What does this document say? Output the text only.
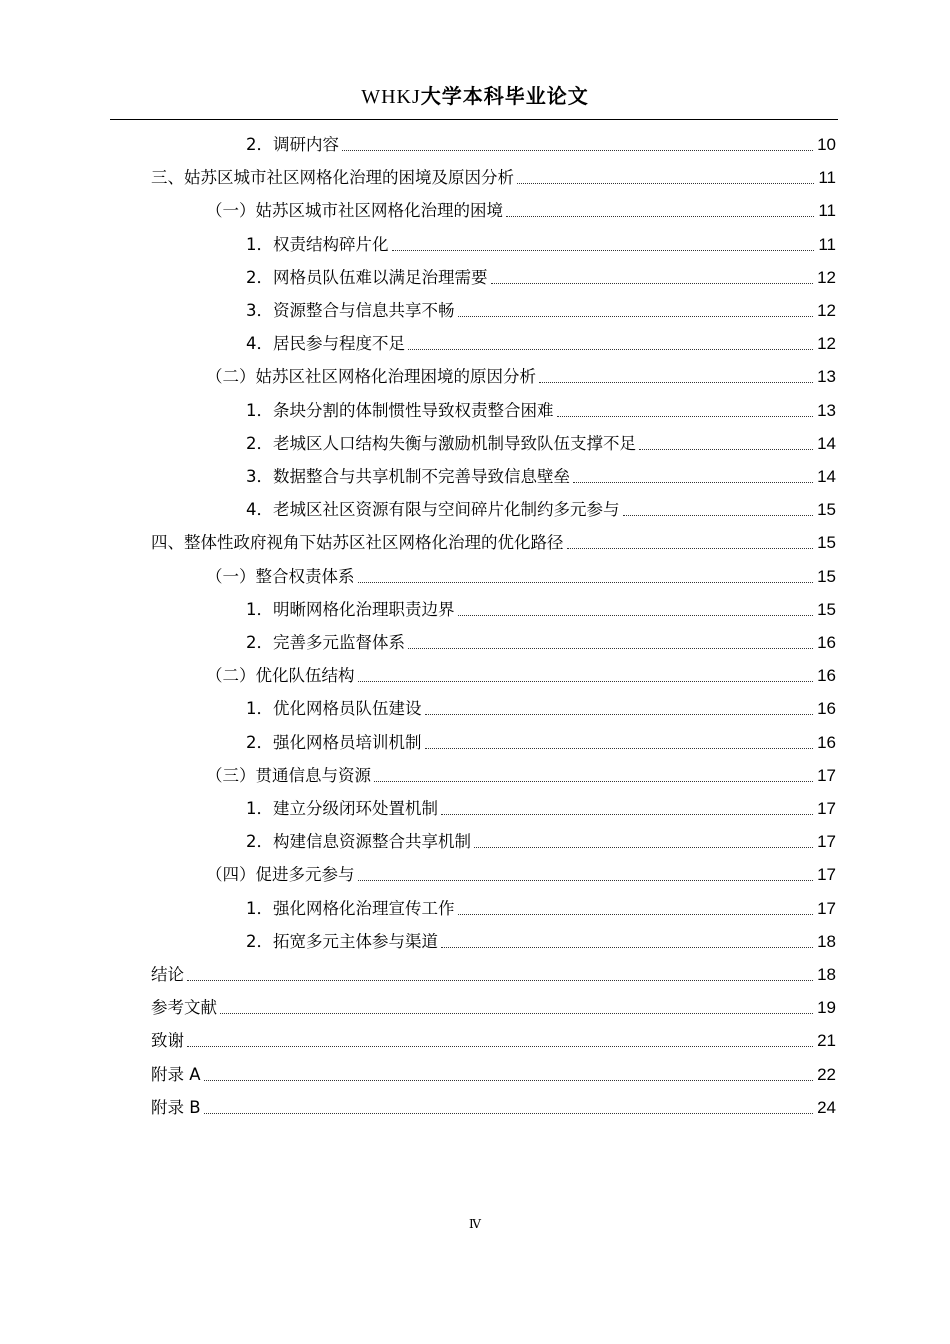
WHKJ大学本科毕业论文
2．调研内容	10
三、姑苏区城市社区网格化治理的困境及原因分析	11
（一）姑苏区城市社区网格化治理的困境	11
1．权责结构碎片化	11
2．网格员队伍难以满足治理需要	12
3．资源整合与信息共享不畅	12
4．居民参与程度不足	12
（二）姑苏区社区网格化治理困境的原因分析	13
1．条块分割的体制惯性导致权责整合困难	13
2．老城区人口结构失衡与激励机制导致队伍支撑不足	14
3．数据整合与共享机制不完善导致信息壁垒	14
4．老城区社区资源有限与空间碎片化制约多元参与	15
四、整体性政府视角下姑苏区社区网格化治理的优化路径	15
（一）整合权责体系	15
1．明晰网格化治理职责边界	15
2．完善多元监督体系	16
（二）优化队伍结构	16
1．优化网格员队伍建设	16
2．强化网格员培训机制	16
（三）贯通信息与资源	17
1．建立分级闭环处置机制	17
2．构建信息资源整合共享机制	17
（四）促进多元参与	17
1．强化网格化治理宣传工作	17
2．拓宽多元主体参与渠道	18
结论	18
参考文献	19
致谢	21
附录 A	22
附录 B	24
Ⅳ
